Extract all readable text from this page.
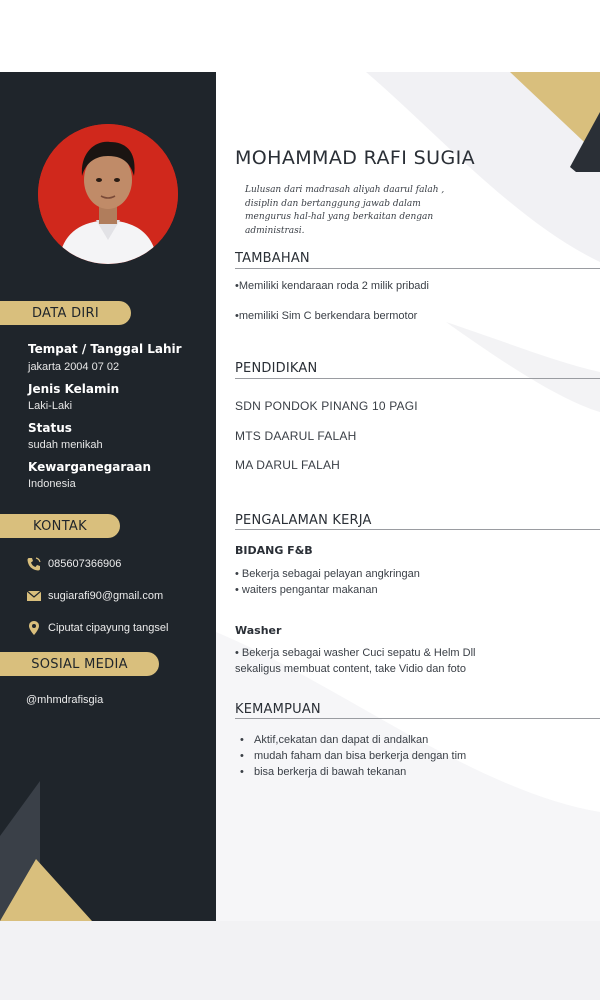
DATA DIRI
Tempat / Tanggal Lahir
jakarta 2004 07 02
Jenis Kelamin
Laki-Laki
Status
sudah menikah
Kewarganegaraan
Indonesia
KONTAK
085607366906
sugiarafi90@gmail.com
Ciputat cipayung tangsel
SOSIAL MEDIA
@mhmdrafisgia
MOHAMMAD RAFI SUGIA
Lulusan dari madrasah aliyah daarul falah , disiplin dan bertanggung jawab dalam mengurus hal-hal yang berkaitan dengan administrasi.
TAMBAHAN
•Memiliki kendaraan roda 2 milik pribadi
•memiliki Sim C berkendara bermotor
PENDIDIKAN
SDN PONDOK PINANG 10 PAGI
MTS DAARUL FALAH
MA DARUL FALAH
PENGALAMAN KERJA
BIDANG F&B
• Bekerja sebagai pelayan angkringan
• waiters pengantar makanan
Washer
• Bekerja sebagai washer Cuci sepatu & Helm Dll
sekaligus membuat content, take Vidio dan foto
KEMAMPUAN
• Aktif,cekatan dan dapat di andalkan
• mudah faham dan bisa berkerja dengan tim
• bisa berkerja di bawah tekanan
